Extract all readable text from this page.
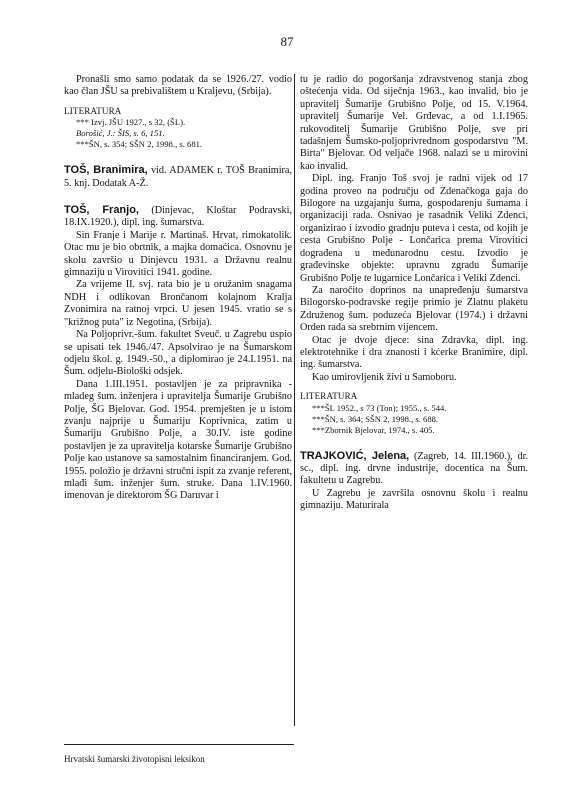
87

Pronašli smo samo podatak da se 1926./27. vodio kao član JŠU sa prebivalištem u Kraljevu, (Srbija).

LITERATURA

*** Izvj. JŠU 1927., s 32, (ŠL).

Borošić, J.: ŠIS, s. 6, 151.

***ŠN, s. 354; SŠN 2, 1998., s. 681.

TOŠ, Branimira, vid. ADAMEK r. TOŠ Branimira, 5. knj. Dodatak A-Ž.

TOŠ, Franjo, (Dinjevac, Kloštar Podravski, 18.IX.1920.), dipl. ing. šumarstva.

Sin Franje i Marije r. Martinaš. Hrvat, rimokatolik. Otac mu je bio obrtnik, a majka domaćica. Osnovnu je skolu završio u Dinjevcu 1931. a Državnu realnu gimnaziju u Virovitici 1941. godine.

Za vrijeme II. svj. rata bio je u oružanim snagama NDH i odlikovan Brončanom kolajnom Kralja Zvonimira na ratnoj vrpci. U jesen 1945. vratio se s "križnog puta" iz Negotina, (Srbija).

Na Poljoprivr.-šum. fakultet Sveuč. u Zagrebu uspio se upisati tek 1946./47. Apsolvirao je na Šumarskom odjelu škol. g. 1949.-50., a diplomirao je 24.I.1951. na Šum. odjelu-Biološki odsjek.

Dana 1.III.1951. postavljen je za pripravnika - mladeg šum. inženjera i upravitelja Šumarije Grubišno Polje, ŠG Bjelovar. God. 1954. premješten je u istom zvanju najprije u Šumariju Koprivnica, zatim u Šumariju Grubišno Polje, a 30.IV. iste godine postavljen je za upravitelja kotarske Šumarije Grubišno Polje kao ustanove sa samostalnim financiranjem. God. 1955. položio je državni stručni ispit za zvanje referent, mlađi šum. inženjer šum. struke. Dana 1.IV.1960. imenovan je direktorom ŠG Daruvar i

tu je radio do pogoršanja zdravstvenog stanja zbog oštećenja vida. Od siječnja 1963., kao invalid, bio je upravitelj Šumarije Grubišno Polje, od 15. V.1964. upravitelj Šumarije Vel. Grđevac, a od 1.I.1965. rukovoditelj Šumarije Grubišno Polje, sve pri tadašnjem Šumsko-poljoprivrednom gospodarstvu "M. Birta" Bjelovar. Od veljače 1968. nalazi se u mirovini kao invalid.

Dipl. ing. Franjo Toš svoj je radni vijek od 17 godina proveo na području od Zdenačkoga gaja do Bilogore na uzgajanju šuma, gospodarenju šumama i organizaciji rada. Osnivao je rasadnik Veliki Zdenci, organizirao i izvodio gradnju puteva i cesta, od kojih je cesta Grubišno Polje - Lončarica prema Virovitici dograđena u međunarodnu cestu. Izvodio je građevinske objekte: upravnu zgradu Šumarije Grubišno Polje te lugarnice Lončarica i Veliki Zdenci.

Za naročito doprinos na unapređenju šumarstva Bilogorsko-podravske regije primio je Zlatnu plaketu Združenog šum. poduzeća Bjelovar (1974.) i državni Orden rada sa srebrnim vijencem.

Otac je dvoje djece: sina Zdravka, dipl. ing. elektrotehnike i dra znanosti i kćerke Branimire, dipl. ing. šumarstva.

Kao umirovljenik živi u Samoboru.

LITERATURA

***ŠL 1952., s 73 (Ton); 1955., s. 544.

***ŠN, s. 364; SŠN 2, 1998., s. 688.

***Zbornik Bjelovar, 1974., s. 405.

TRAJKOVIĆ, Jelena, (Zagreb, 14. III.1960.), dr. sc., dipl. ing. drvne industrije, docentica na Šum. fakultetu u Zagrebu.

U Zagrebu je završila osnovnu školu i realnu gimnaziju. Maturirala

Hrvatski šumarski životopisni leksikon
